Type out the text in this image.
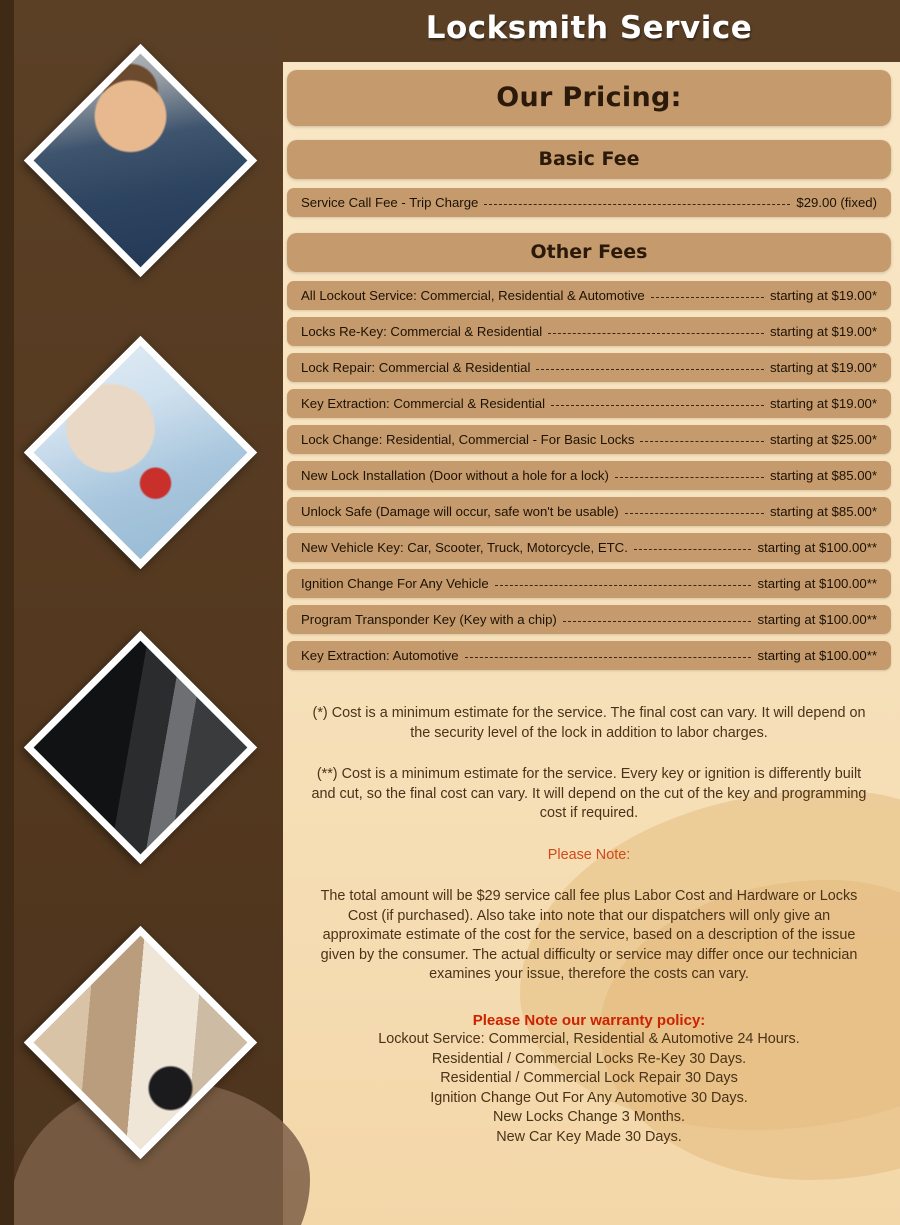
Locksmith Service
Our Pricing:
Basic Fee
Service Call Fee - Trip Charge	$29.00 (fixed)
Other Fees
All Lockout Service: Commercial, Residential & Automotive	starting at $19.00*
Locks Re-Key: Commercial & Residential	starting at $19.00*
Lock Repair: Commercial & Residential	starting at $19.00*
Key Extraction: Commercial & Residential	starting at $19.00*
Lock Change: Residential, Commercial - For Basic Locks	starting at $25.00*
New Lock Installation (Door without a hole for a lock)	starting at $85.00*
Unlock Safe (Damage will occur, safe won't be usable)	starting at $85.00*
New Vehicle Key: Car, Scooter, Truck, Motorcycle, ETC.	starting at $100.00**
Ignition Change For Any Vehicle	starting at $100.00**
Program Transponder Key (Key with a chip)	starting at $100.00**
Key Extraction: Automotive	starting at $100.00**

(*) Cost is a minimum estimate for the service. The final cost can vary. It will depend on the security level of the lock in addition to labor charges.

(**) Cost is a minimum estimate for the service. Every key or ignition is differently built and cut, so the final cost can vary. It will depend on the cut of the key and programming cost if required.

Please Note:

The total amount will be $29 service call fee plus Labor Cost and Hardware or Locks Cost (if purchased). Also take into note that our dispatchers will only give an approximate estimate of the cost for the service, based on a description of the issue given by the consumer. The actual difficulty or service may differ once our technician examines your issue, therefore the costs can vary.

Please Note our warranty policy:

Lockout Service: Commercial, Residential & Automotive 24 Hours.

Residential / Commercial Locks Re-Key 30 Days.

Residential / Commercial Lock Repair 30 Days

Ignition Change Out For Any Automotive 30 Days.

New Locks Change 3 Months.

New Car Key Made 30 Days.
